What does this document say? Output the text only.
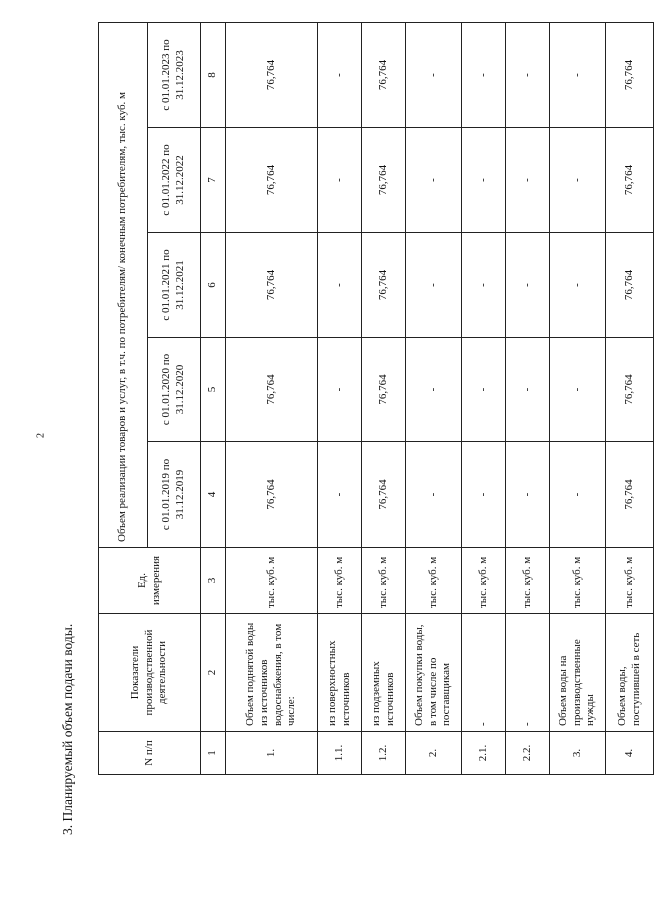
2
3. Планируемый объем подачи воды.	N п/п	Показатели производственной деятельности	Ед. измерения	Объем реализации товаров и услуг, в т.ч. по потребителям/ конечным потребителям, тыс. куб. м				
			с 01.01.2019 по 31.12.2019	с 01.01.2020 по 31.12.2020	с 01.01.2021 по 31.12.2021	с 01.01.2022 по 31.12.2022	с 01.01.2023 по 31.12.2023
1	2	3	4	5	6	7	8
1.	Объем поднятой воды из источников водоснабжения, в том числе:	тыс. куб. м	76,764	76,764	76,764	76,764	76,764
1.1.	из поверхностных источников	тыс. куб. м	-	-	-	-	-
1.2.	из подземных источников	тыс. куб. м	76,764	76,764	76,764	76,764	76,764
2.	Объем покупки воды, в том числе по поставщикам	тыс. куб. м	-	-	-	-	-
2.1.	-	тыс. куб. м	-	-	-	-	-
2.2.	-	тыс. куб. м	-	-	-	-	-
3.	Объем воды на производственные нужды	тыс. куб. м	-	-	-	-	-
4.	Объем воды, поступившей в сеть	тыс. куб. м	76,764	76,764	76,764	76,764	76,764
